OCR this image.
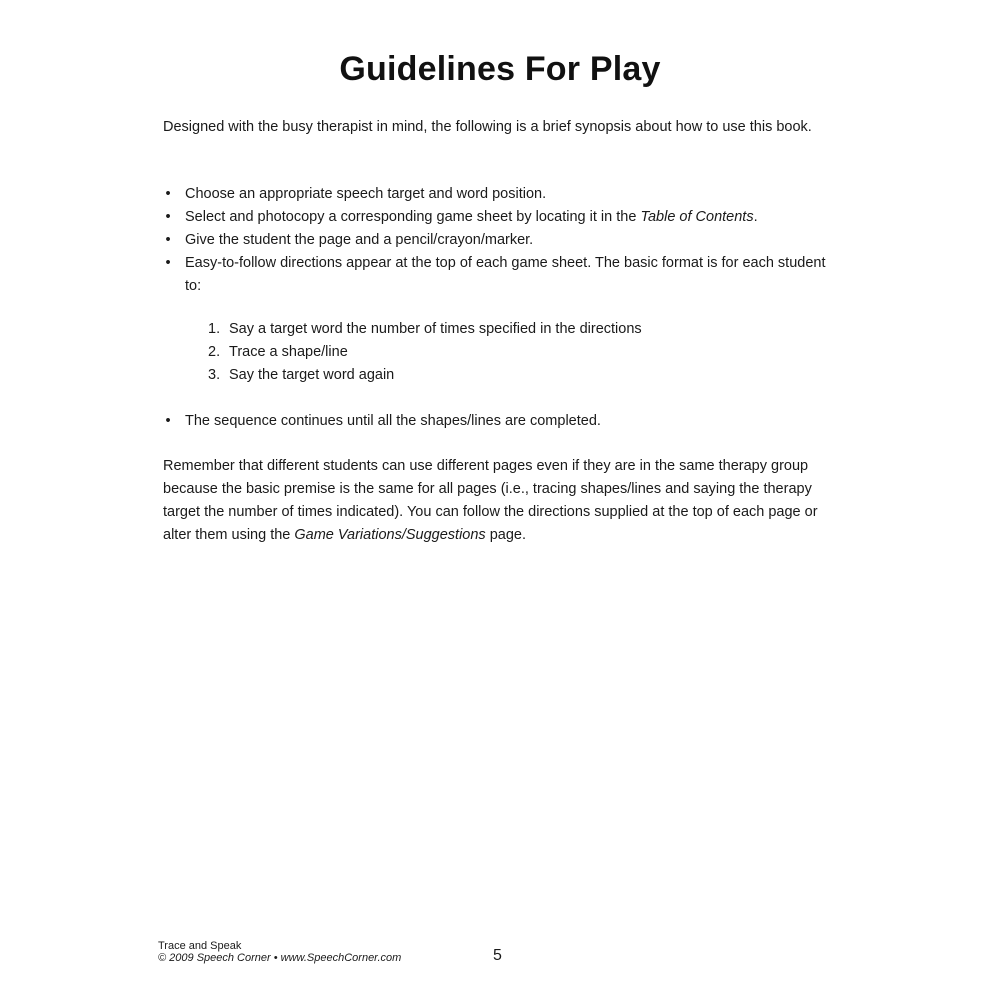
Guidelines For Play

Designed with the busy therapist in mind, the following is a brief synopsis about how to use this book.

• Choose an appropriate speech target and word position.
• Select and photocopy a corresponding game sheet by locating it in the Table of Contents.
• Give the student the page and a pencil/crayon/marker.
• Easy-to-follow directions appear at the top of each game sheet. The basic format is for each student to:
1. Say a target word the number of times specified in the directions
2. Trace a shape/line
3. Say the target word again
• The sequence continues until all the shapes/lines are completed.

Remember that different students can use different pages even if they are in the same therapy group because the basic premise is the same for all pages (i.e., tracing shapes/lines and saying the therapy target the number of times indicated). You can follow the directions supplied at the top of each page or alter them using the Game Variations/Suggestions page.

Trace and Speak
© 2009 Speech Corner • www.SpeechCorner.com	5
